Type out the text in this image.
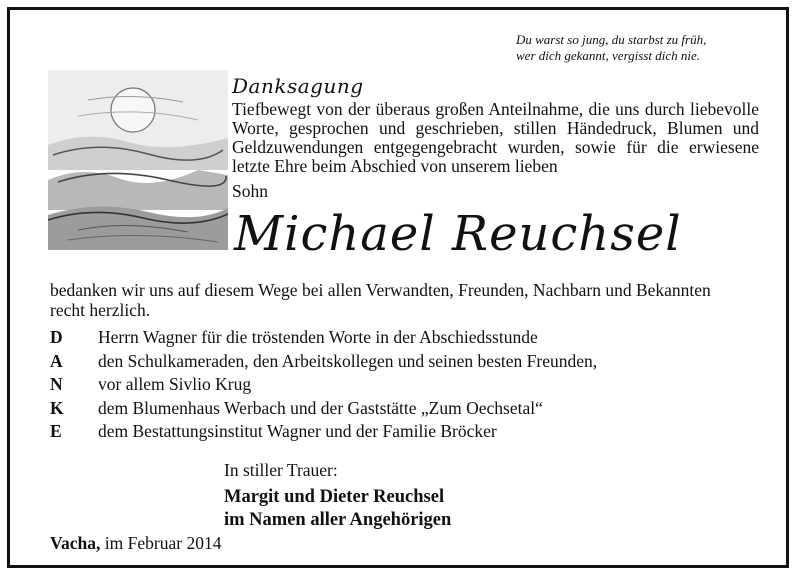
Du warst so jung, du starbst zu früh,
wer dich gekannt, vergisst dich nie.
Danksagung
Tiefbewegt von der überaus großen Anteilnahme, die uns durch liebevolle Worte, gesprochen und geschrieben, stillen Händedruck, Blumen und Geldzuwendungen entgegengebracht wurden, sowie für die erwiesene letzte Ehre beim Abschied von unserem lieben
Sohn
Michael Reuchsel
bedanken wir uns auf diesem Wege bei allen Verwandten, Freunden, Nachbarn und Bekannten recht herzlich.
D	Herrn Wagner für die tröstenden Worte in der Abschiedsstunde
A	den Schulkameraden, den Arbeitskollegen und seinen besten Freunden,
N	vor allem Sivlio Krug
K	dem Blumenhaus Werbach und der Gaststätte „Zum Oechsetal“
E	dem Bestattungsinstitut Wagner und der Familie Bröcker
In stiller Trauer:
Margit und Dieter Reuchsel
im Namen aller Angehörigen
Vacha, im Februar 2014
